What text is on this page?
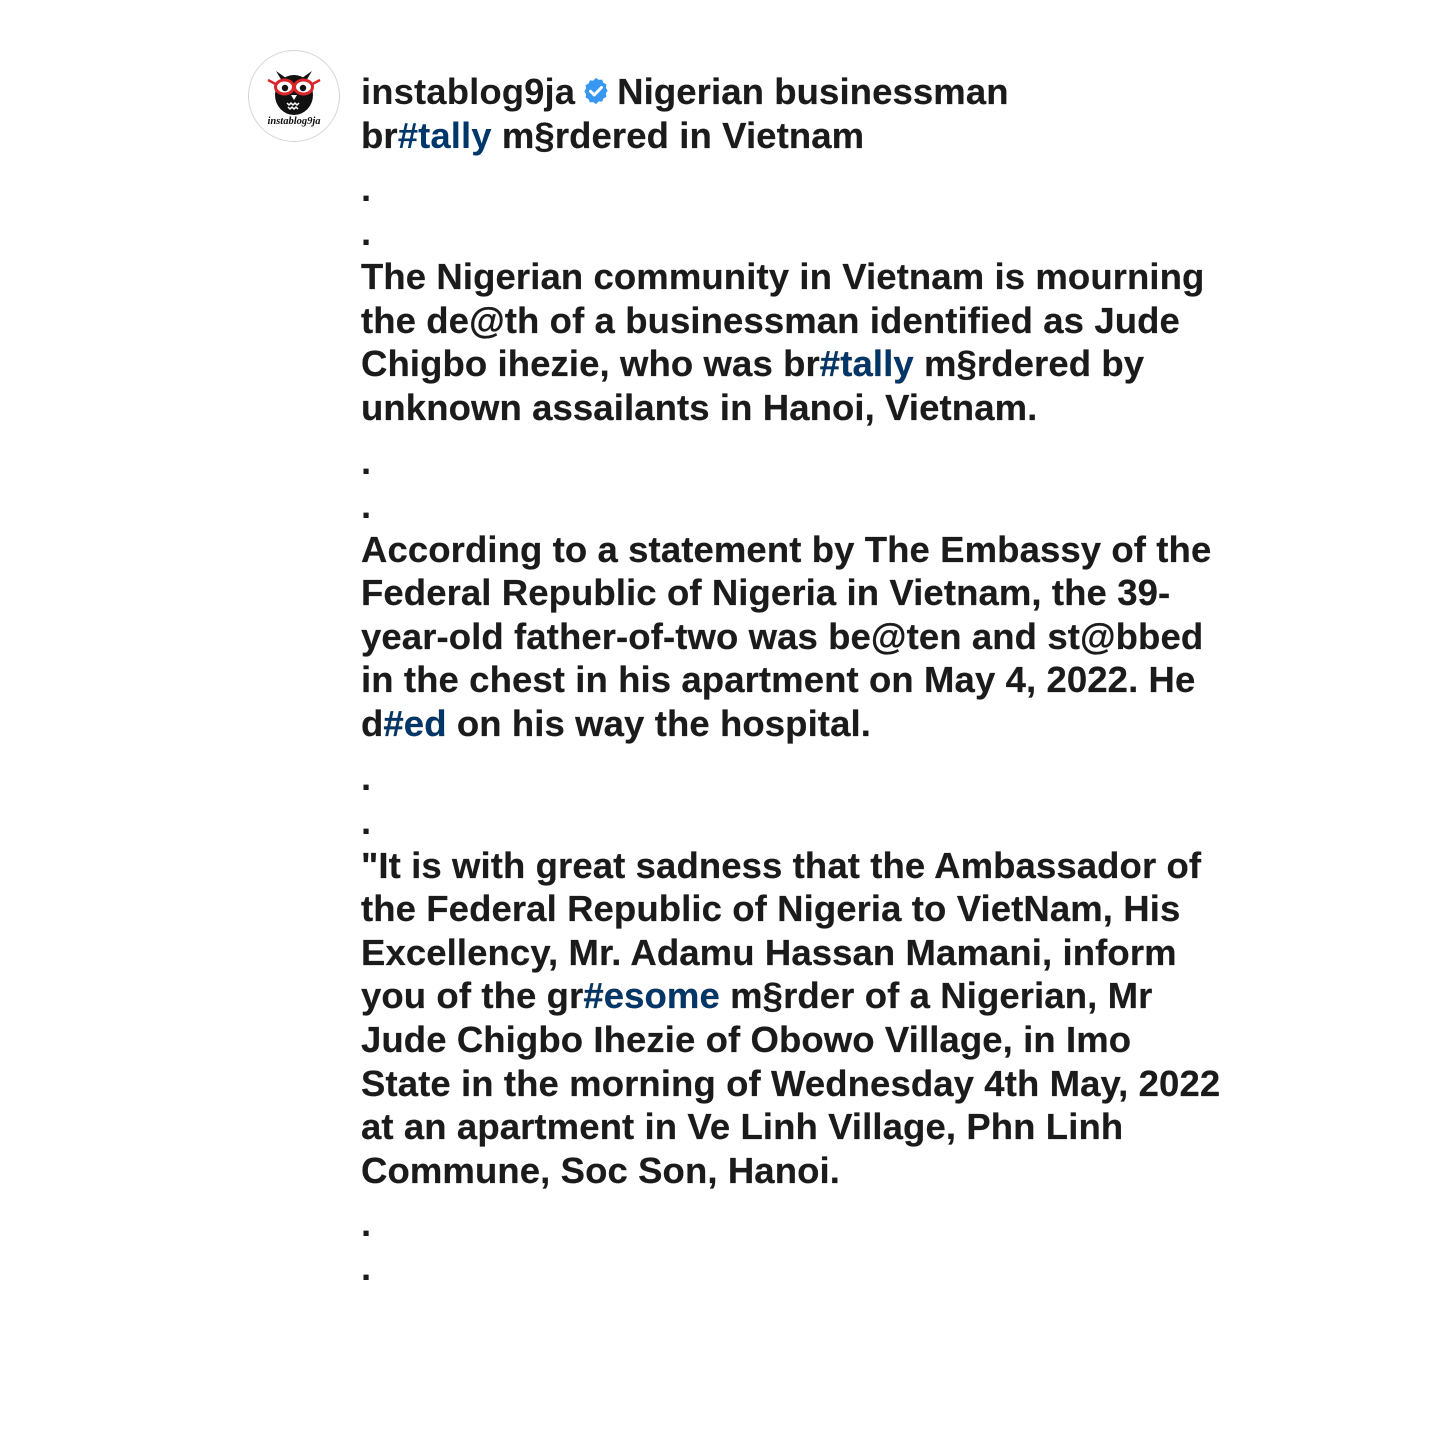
instablog9ja

instablog9ja Nigerian businessman
br#tally m§rdered in Vietnam

.

.

The Nigerian community in Vietnam is mourning the de@th of a businessman identified as Jude Chigbo ihezie, who was br#tally m§rdered by unknown assailants in Hanoi, Vietnam.

.

.

According to a statement by The Embassy of the Federal Republic of Nigeria in Vietnam, the 39-year-old father-of-two was be@ten and st@bbed in the chest in his apartment on May 4, 2022. He d#ed on his way the hospital.

.

.

"It is with great sadness that the Ambassador of the Federal Republic of Nigeria to VietNam, His Excellency, Mr. Adamu Hassan Mamani, inform you of the gr#esome m§rder of a Nigerian, Mr Jude Chigbo Ihezie of Obowo Village, in Imo State in the morning of Wednesday 4th May, 2022 at an apartment in Ve Linh Village, Phn Linh Commune, Soc Son, Hanoi.

.

.
